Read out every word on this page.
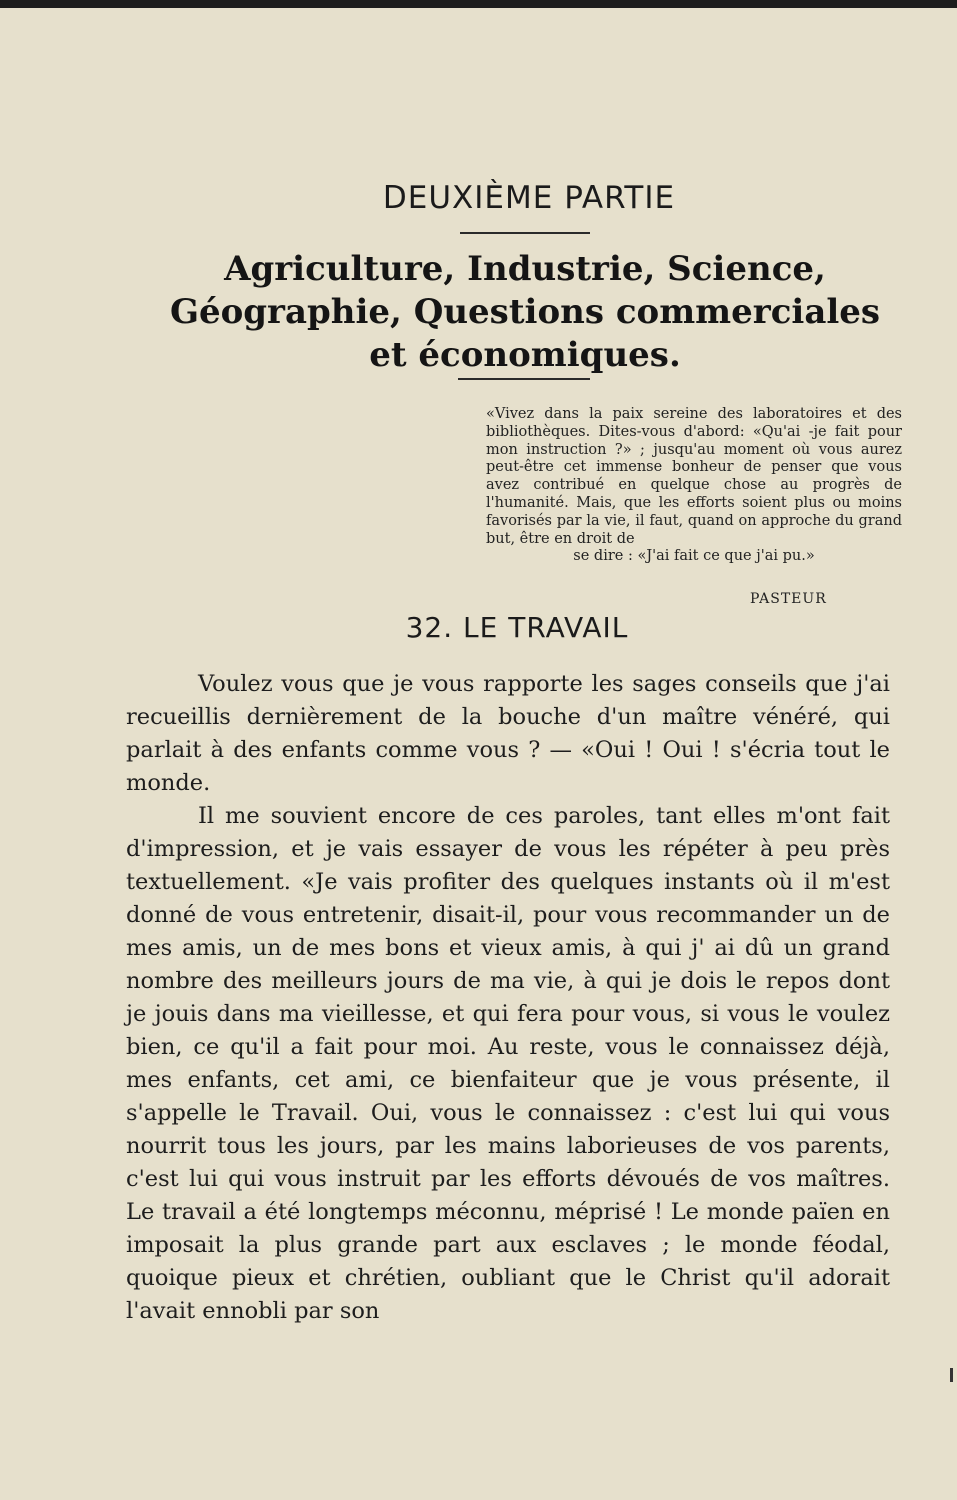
DEUXIÈME PARTIE
Agriculture, Industrie, Science, Géographie, Questions commerciales et économiques.

«Vivez dans la paix sereine des laboratoires et des bibliothèques. Dites-vous d'abord: «Qu'ai -je fait pour mon instruction ?» ; jusqu'au moment où vous aurez peut-être cet immense bonheur de penser que vous avez contribué en quelque chose au progrès de l'humanité. Mais, que les efforts soient plus ou moins favorisés par la vie, il faut, quand on approche du grand but, être en droit de

se dire : «J'ai fait ce que j'ai pu.»

PASTEUR
32. LE TRAVAIL

Voulez vous que je vous rapporte les sages conseils que j'ai recueillis dernièrement de la bouche d'un maître vénéré, qui parlait à des enfants comme vous ? — «Oui ! Oui ! s'écria tout le monde.

Il me souvient encore de ces paroles, tant elles m'ont fait d'impression, et je vais essayer de vous les répéter à peu près textuellement. «Je vais profiter des quelques instants où il m'est donné de vous entretenir, disait-il, pour vous recommander un de mes amis, un de mes bons et vieux amis, à qui j' ai dû un grand nombre des meilleurs jours de ma vie, à qui je dois le repos dont je jouis dans ma vieillesse, et qui fera pour vous, si vous le voulez bien, ce qu'il a fait pour moi. Au reste, vous le connaissez déjà, mes enfants, cet ami, ce bienfaiteur que je vous présente, il s'appelle le Travail. Oui, vous le connaissez : c'est lui qui vous nourrit tous les jours, par les mains laborieuses de vos parents, c'est lui qui vous instruit par les efforts dévoués de vos maîtres. Le travail a été longtemps méconnu, méprisé ! Le monde païen en imposait la plus grande part aux esclaves ; le monde féodal, quoique pieux et chrétien, oubliant que le Christ qu'il adorait l'avait ennobli par son
